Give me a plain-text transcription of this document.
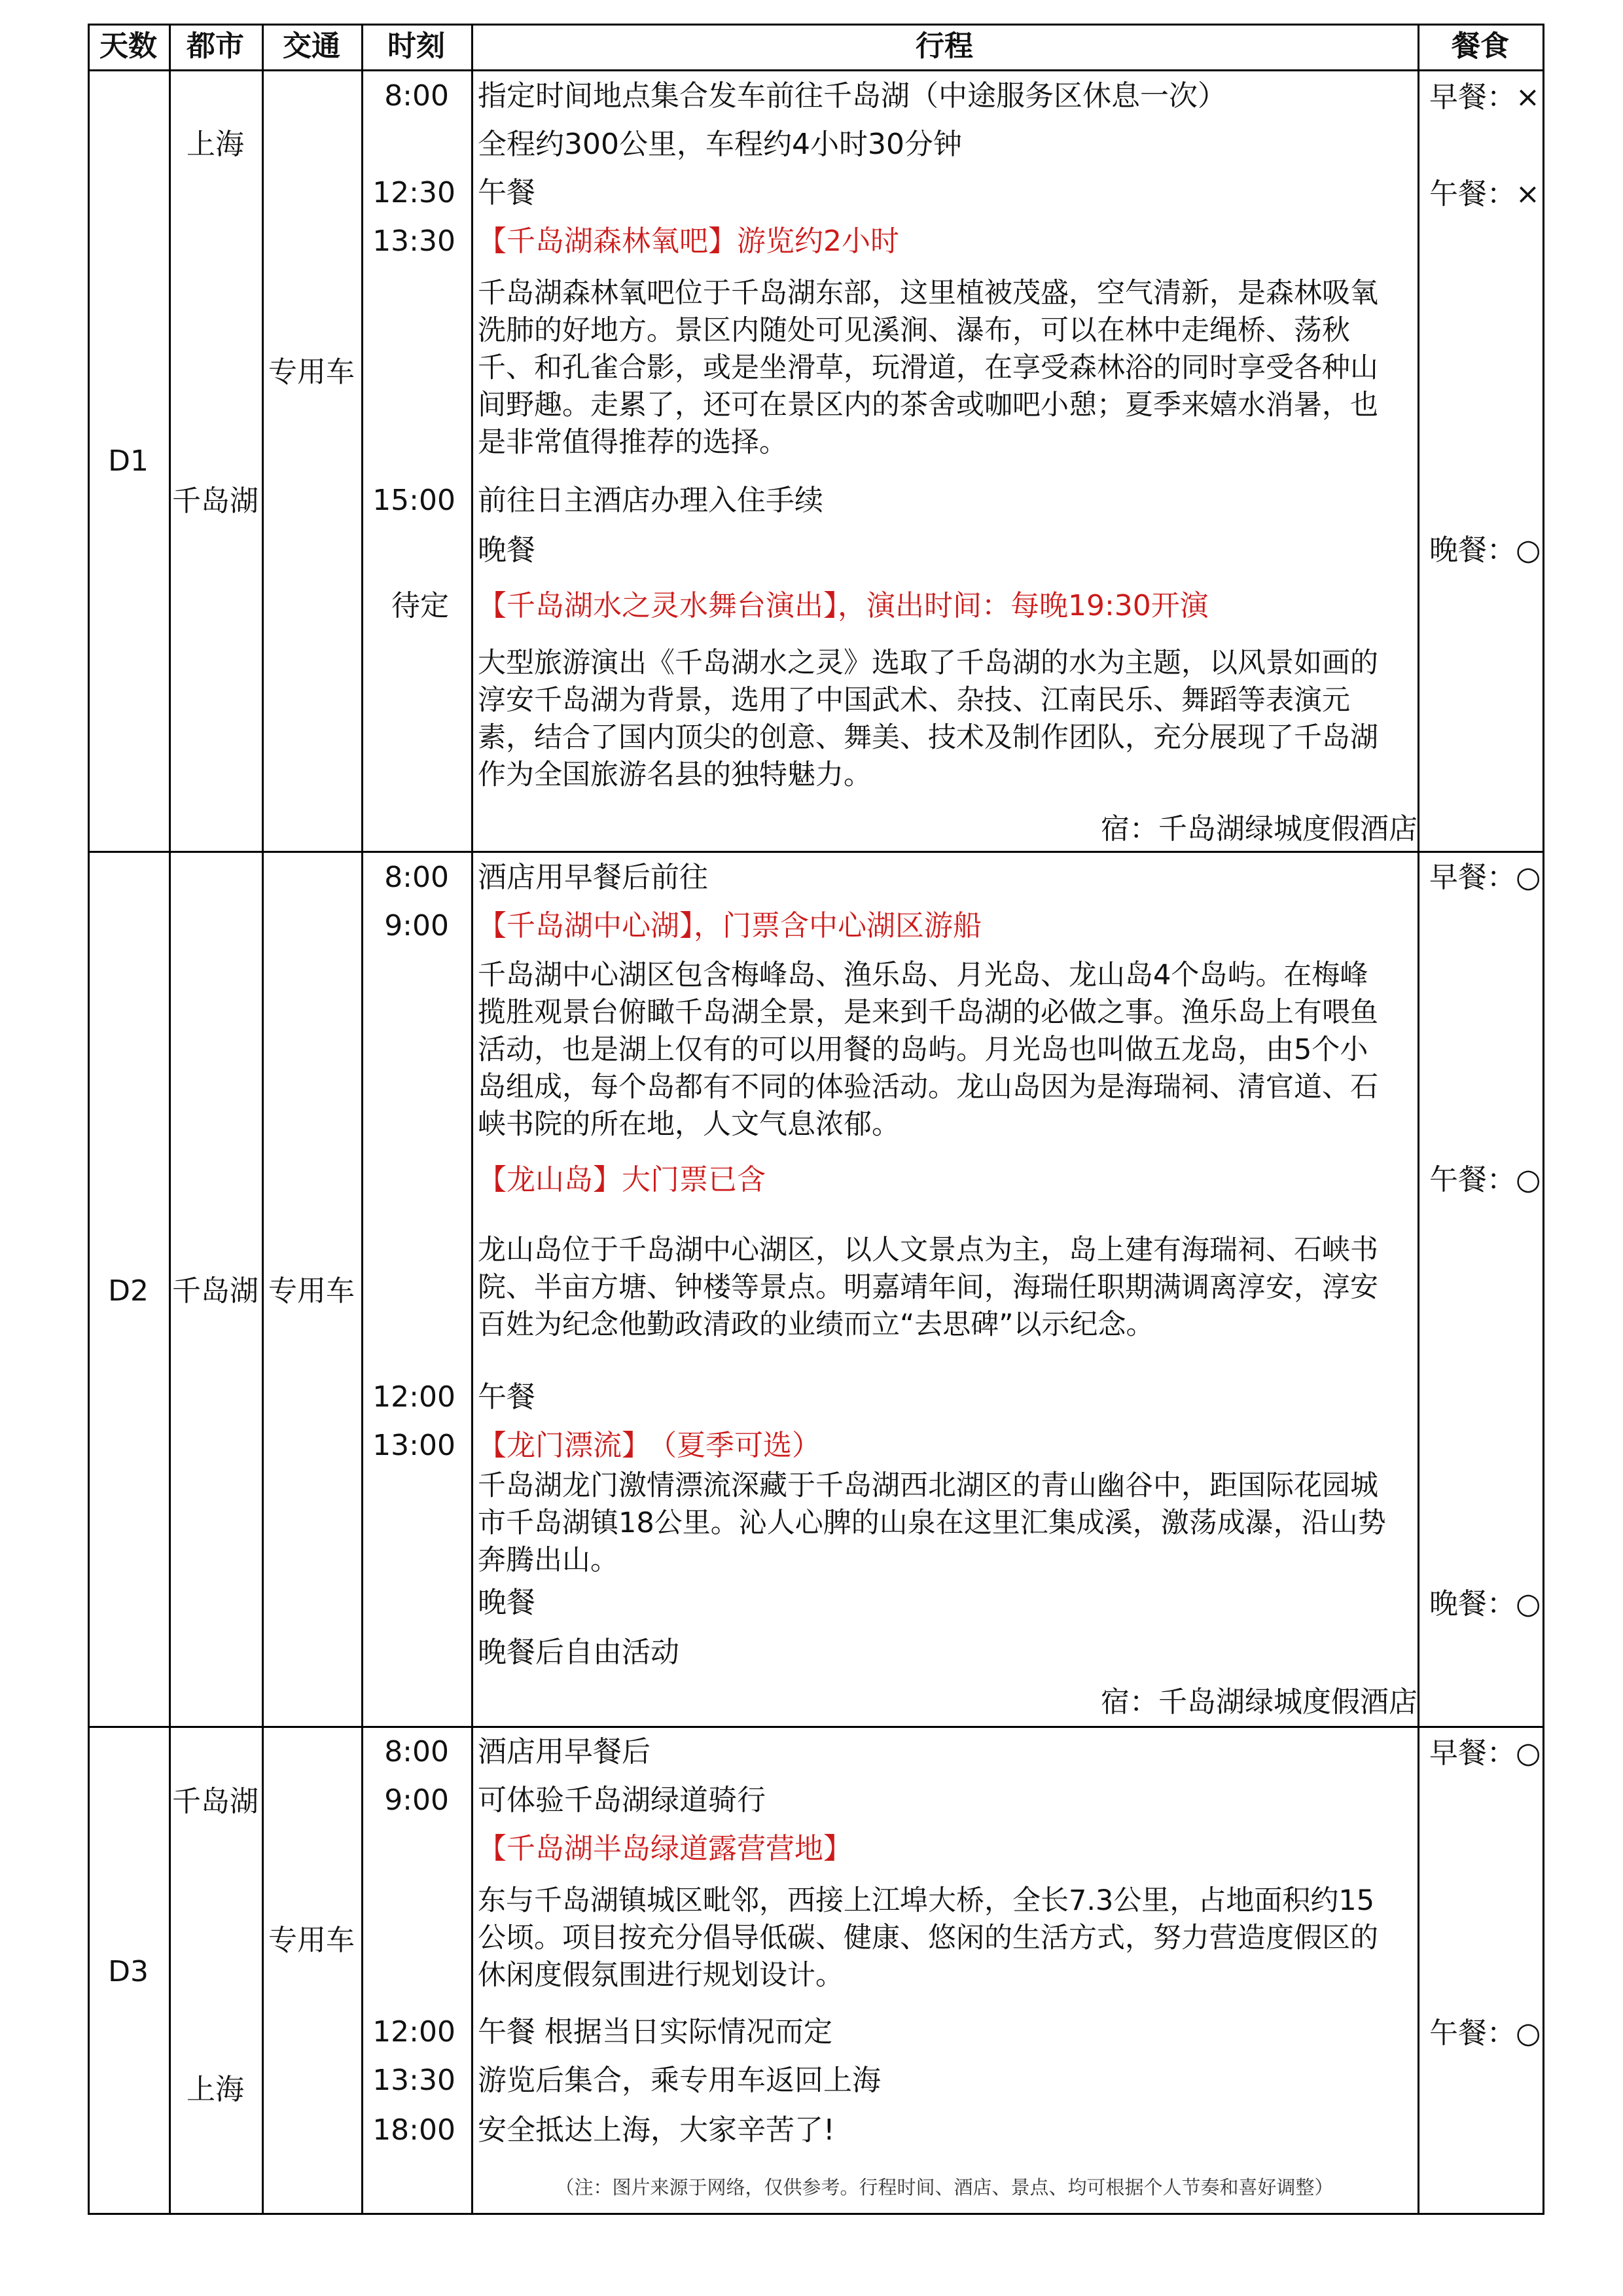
天数 都市 交通 时刻	行程	餐食
D1
上海
千岛湖
专用车
8:00 指定时间地点集合发车前往千岛湖（中途服务区休息一次）
全程约300公里，车程约4小时30分钟
12:30 午餐
13:30 【千岛湖森林氧吧】游览约2小时
千岛湖森林氧吧位于千岛湖东部，这里植被茂盛，空气清新，是森林吸氧洗肺的好地方。景区内随处可见溪涧、瀑布，可以在林中走绳桥、荡秋千、和孔雀合影，或是坐滑草，玩滑道，在享受森林浴的同时享受各种山间野趣。走累了，还可在景区内的茶舍或咖吧小憩；夏季来嬉水消暑，也是非常值得推荐的选择。
15:00 前往日主酒店办理入住手续
晚餐
待定 【千岛湖水之灵水舞台演出】，演出时间：每晚19:30开演
大型旅游演出《千岛湖水之灵》选取了千岛湖的水为主题，以风景如画的淳安千岛湖为背景，选用了中国武术、杂技、江南民乐、舞蹈等表演元素，结合了国内顶尖的创意、舞美、技术及制作团队，充分展现了千岛湖作为全国旅游名县的独特魅力。
宿：千岛湖绿城度假酒店
早餐：×
午餐：×
晚餐：○
D2 千岛湖 专用车
8:00 酒店用早餐后前往
9:00 【千岛湖中心湖】，门票含中心湖区游船
千岛湖中心湖区包含梅峰岛、渔乐岛、月光岛、龙山岛4个岛屿。在梅峰揽胜观景台俯瞰千岛湖全景，是来到千岛湖的必做之事。渔乐岛上有喂鱼活动，也是湖上仅有的可以用餐的岛屿。月光岛也叫做五龙岛，由5个小岛组成，每个岛都有不同的体验活动。龙山岛因为是海瑞祠、清官道、石峡书院的所在地，人文气息浓郁。
【龙山岛】大门票已含
龙山岛位于千岛湖中心湖区，以人文景点为主，岛上建有海瑞祠、石峡书院、半亩方塘、钟楼等景点。明嘉靖年间，海瑞任职期满调离淳安，淳安百姓为纪念他勤政清政的业绩而立“去思碑”以示纪念。
12:00 午餐
13:00 【龙门漂流】
（夏季可选）
千岛湖龙门激情漂流深藏于千岛湖西北湖区的青山幽谷中，距国际花园城市千岛湖镇18公里。沁人心脾的山泉在这里汇集成溪，激荡成瀑，沿山势奔腾出山。
晚餐
晚餐后自由活动
宿：千岛湖绿城度假酒店
早餐：○
午餐：○
晚餐：○
D3
千岛湖
上海
专用车
8:00 酒店用早餐后
9:00 可体验千岛湖绿道骑行
【千岛湖半岛绿道露营营地】
东与千岛湖镇城区毗邻，西接上江埠大桥，全长7.3公里，占地面积约15公顷。项目按充分倡导低碳、健康、悠闲的生活方式，努力营造度假区的休闲度假氛围进行规划设计。
12:00 午餐 根据当日实际情况而定
13:30 游览后集合，乘专用车返回上海
18:00 安全抵达上海，大家辛苦了!
（注：图片来源于网络，仅供参考。行程时间、酒店、景点、均可根据个人节奏和喜好调整）
早餐：○
午餐：○
